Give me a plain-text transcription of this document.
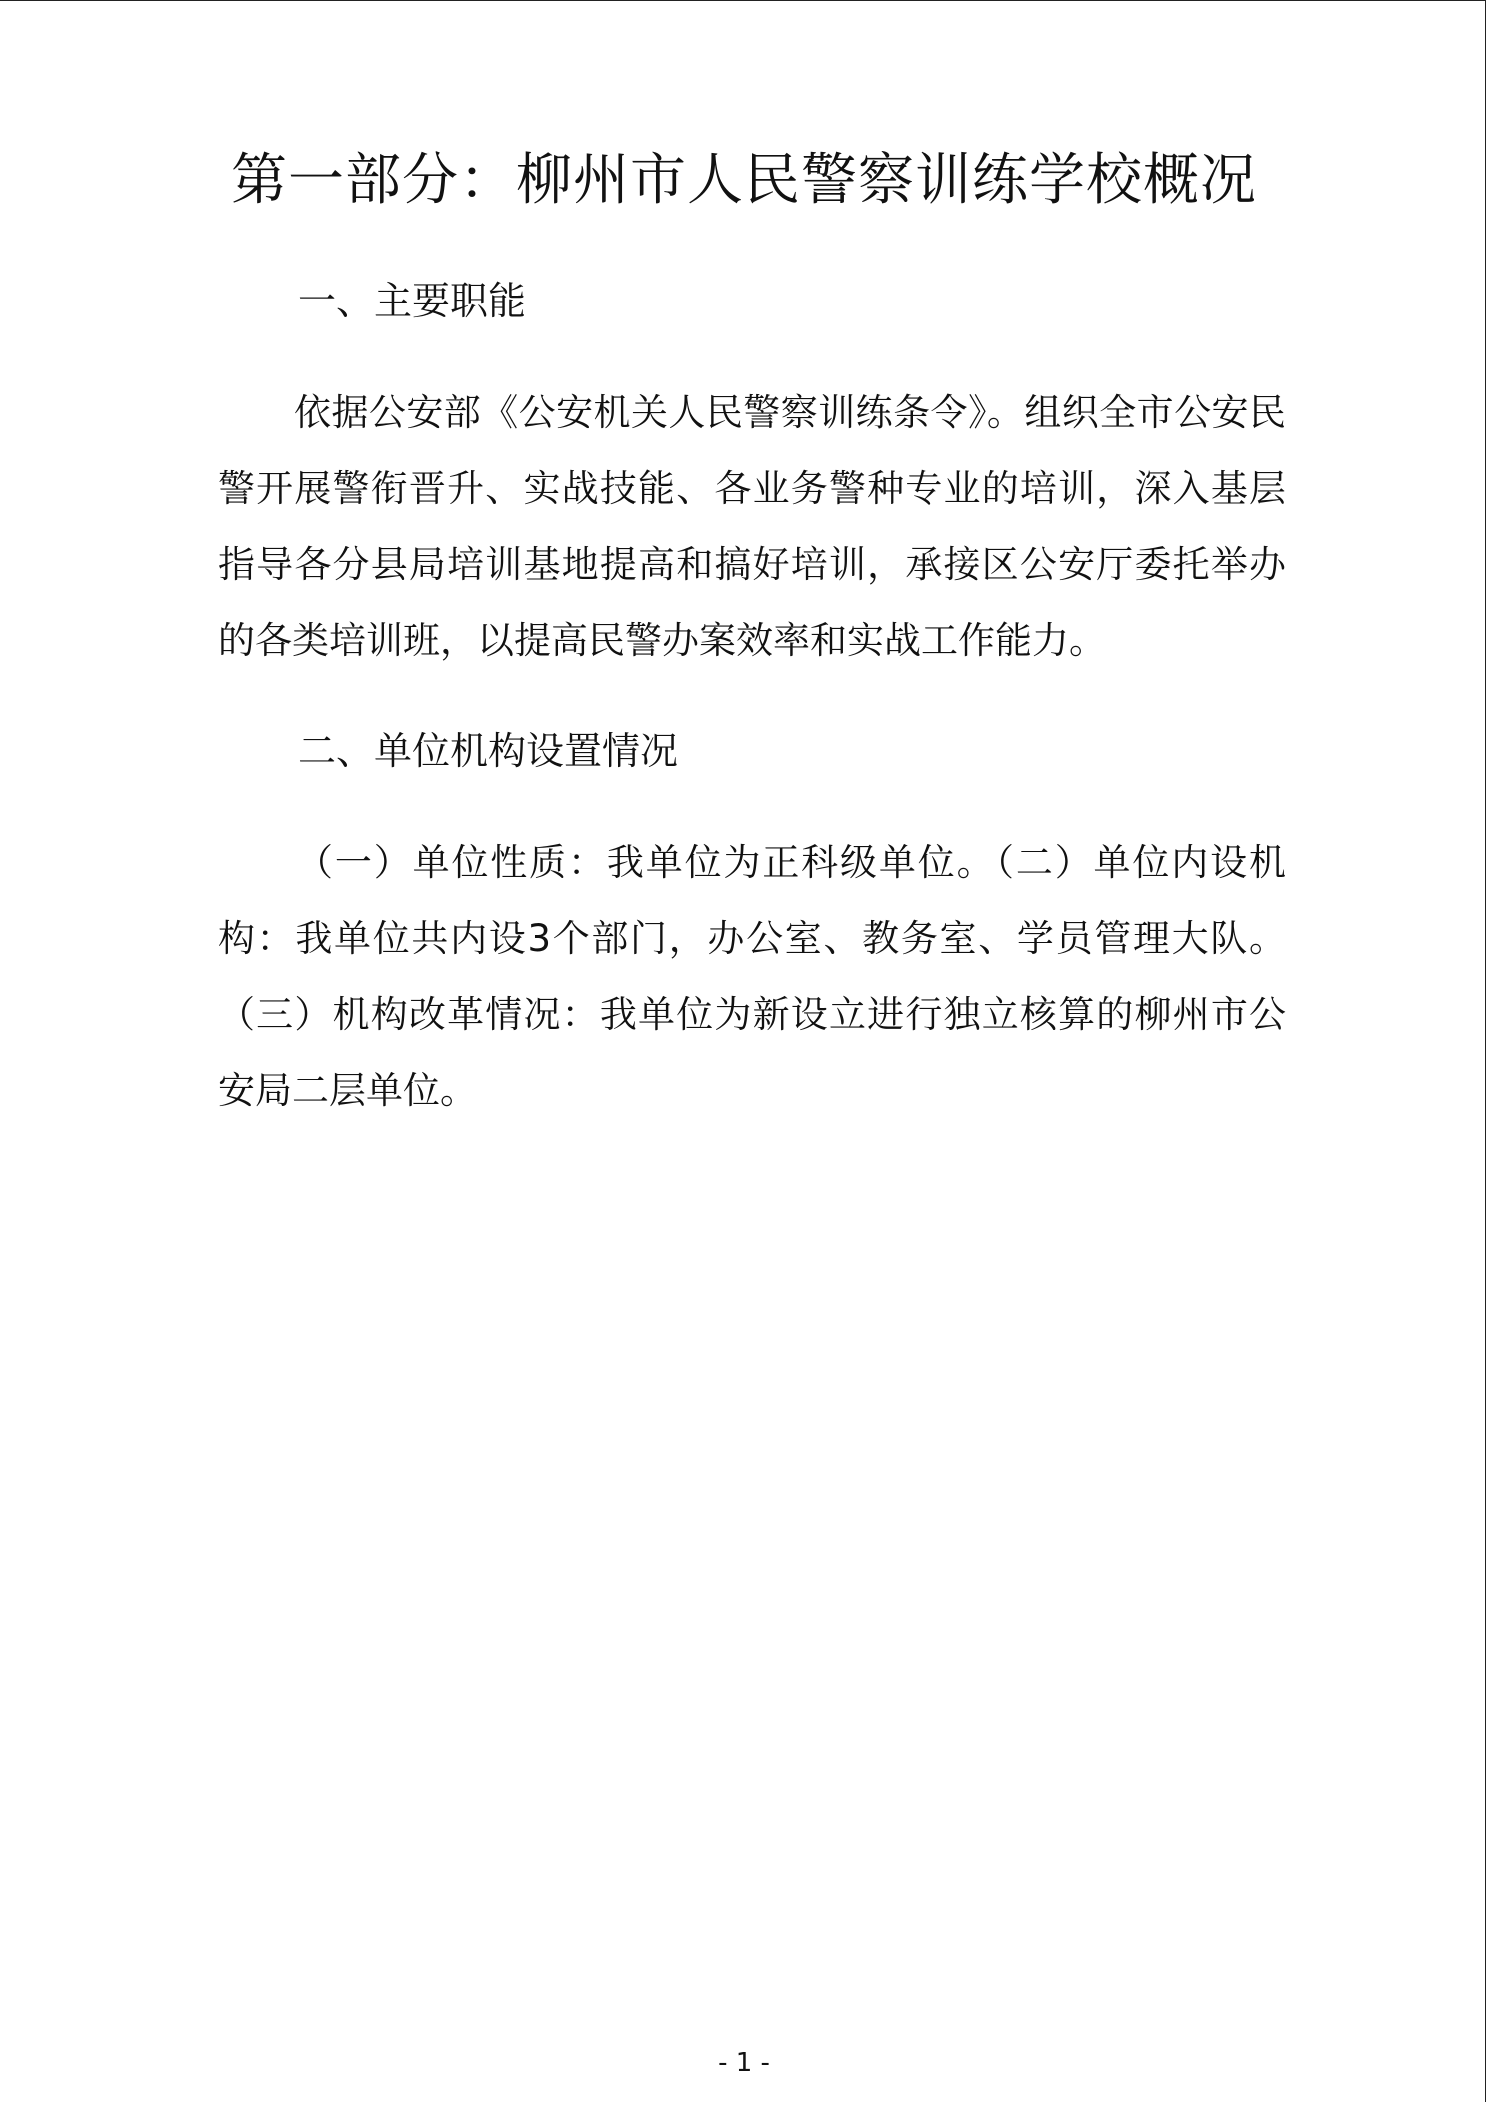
第一部分：柳州市人民警察训练学校概况
一、主要职能

依据公安部《公安机关人民警察训练条令》。组织全市公安民警开展警衔晋升、实战技能、各业务警种专业的培训，深入基层指导各分县局培训基地提高和搞好培训，承接区公安厅委托举办的各类培训班，以提高民警办案效率和实战工作能力。

二、单位机构设置情况

（一）单位性质：我单位为正科级单位。（二）单位内设机构：我单位共内设3个部门，办公室、教务室、学员管理大队。（三）机构改革情况：我单位为新设立进行独立核算的柳州市公安局二层单位。

- 1 -
